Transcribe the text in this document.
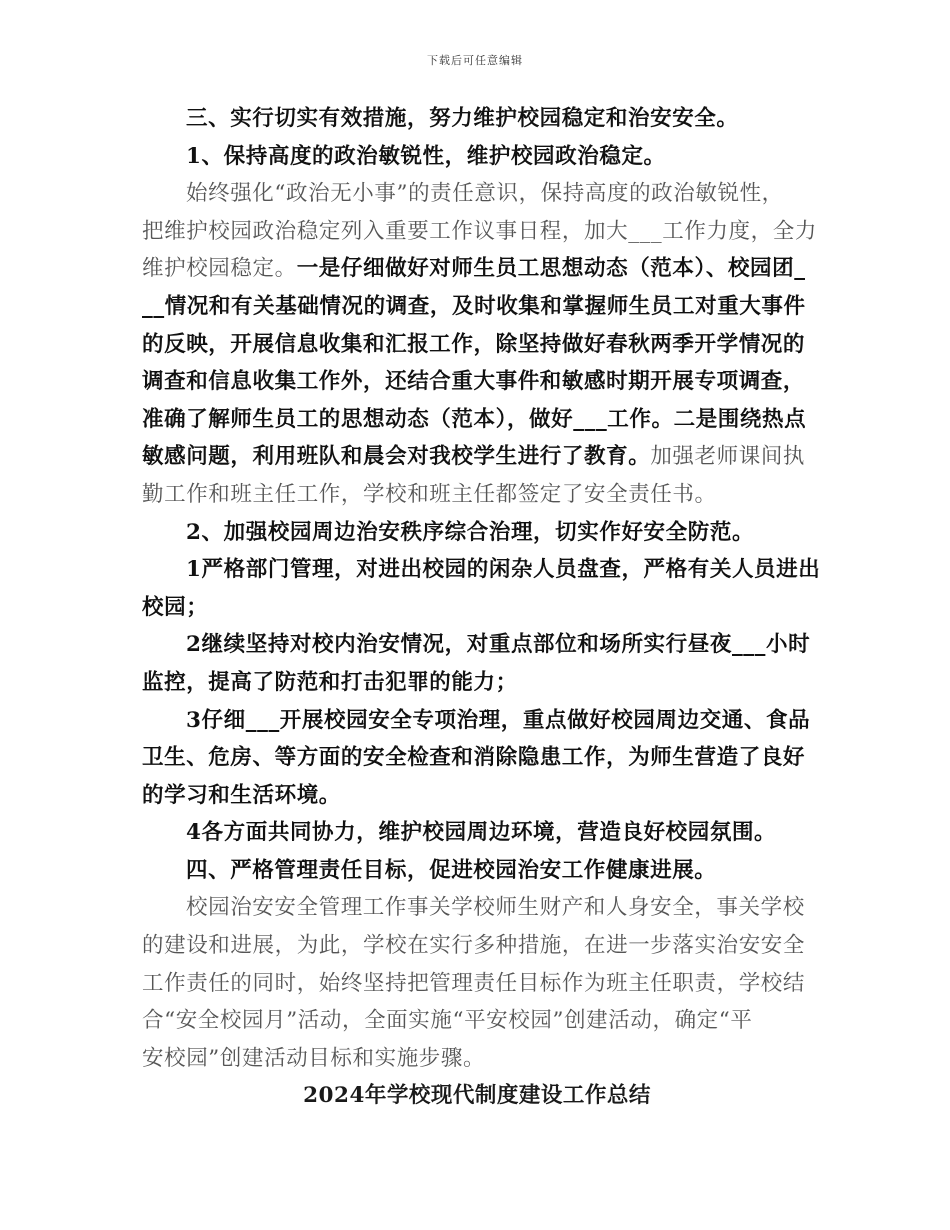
下载后可任意编辑
三、实行切实有效措施，努力维护校园稳定和治安安全。
1、保持高度的政治敏锐性，维护校园政治稳定。
始终强化“政治无小事”的责任意识，保持高度的政治敏锐性，
把维护校园政治稳定列入重要工作议事日程，加大___工作力度，全力
维护校园稳定。一是仔细做好对师生员工思想动态（范本）、校园团_
__情况和有关基础情况的调查，及时收集和掌握师生员工对重大事件
的反映，开展信息收集和汇报工作，除坚持做好春秋两季开学情况的
调查和信息收集工作外，还结合重大事件和敏感时期开展专项调查，
准确了解师生员工的思想动态（范本），做好___工作。二是围绕热点
敏感问题，利用班队和晨会对我校学生进行了教育。加强老师课间执
勤工作和班主任工作，学校和班主任都签定了安全责任书。
2、加强校园周边治安秩序综合治理，切实作好安全防范。
1严格部门管理，对进出校园的闲杂人员盘查，严格有关人员进出
校园；
2继续坚持对校内治安情况，对重点部位和场所实行昼夜___小时
监控，提高了防范和打击犯罪的能力；
3仔细___开展校园安全专项治理，重点做好校园周边交通、食品
卫生、危房、等方面的安全检查和消除隐患工作，为师生营造了良好
的学习和生活环境。
4各方面共同协力，维护校园周边环境，营造良好校园氛围。
四、严格管理责任目标，促进校园治安工作健康进展。
校园治安安全管理工作事关学校师生财产和人身安全，事关学校
的建设和进展，为此，学校在实行多种措施，在进一步落实治安安全
工作责任的同时，始终坚持把管理责任目标作为班主任职责，学校结
合“安全校园月”活动，全面实施“平安校园”创建活动，确定“平
安校园”创建活动目标和实施步骤。
2024年学校现代制度建设工作总结
